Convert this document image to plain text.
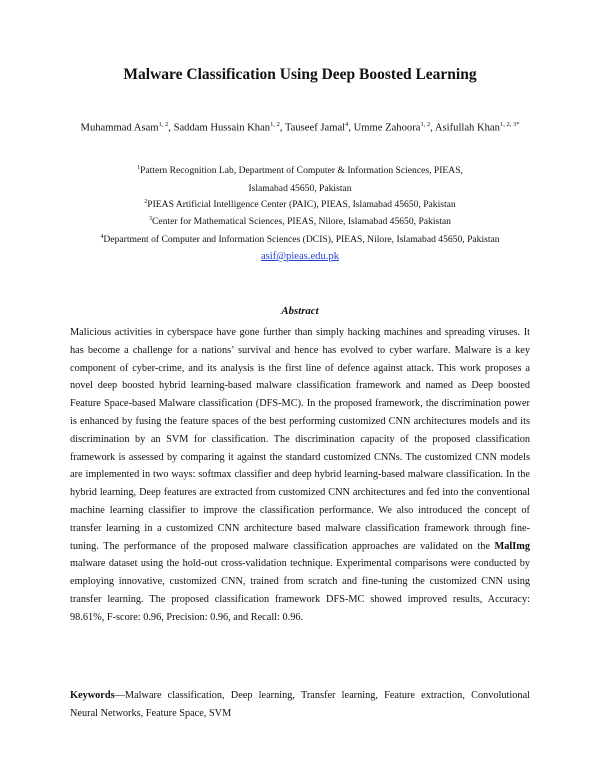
Malware Classification Using Deep Boosted Learning
Muhammad Asam$^{1, 2}$, Saddam Hussain Khan$^{1, 2}$, Tauseef Jamal$^4$, Umme Zahoora$^{1, 2}$, Asifullah Khan$^{1, 2, 3*}$
$^1$Pattern Recognition Lab, Department of Computer & Information Sciences, PIEAS,
Islamabad 45650, Pakistan
$^2$PIEAS Artificial Intelligence Center (PAIC), PIEAS, Islamabad 45650, Pakistan
$^3$Center for Mathematical Sciences, PIEAS, Nilore, Islamabad 45650, Pakistan
$^4$Department of Computer and Information Sciences (DCIS), PIEAS, Nilore, Islamabad 45650, Pakistan
asif@pieas.edu.pk
Abstract
Malicious activities in cyberspace have gone further than simply hacking machines and spreading viruses. It has become a challenge for a nations’ survival and hence has evolved to cyber warfare. Malware is a key component of cyber-crime, and its analysis is the first line of defence against attack. This work proposes a novel deep boosted hybrid learning-based malware classification framework and named as Deep boosted Feature Space-based Malware classification (DFS-MC). In the proposed framework, the discrimination power is enhanced by fusing the feature spaces of the best performing customized CNN architectures models and its discrimination by an SVM for classification. The discrimination capacity of the proposed classification framework is assessed by comparing it against the standard customized CNNs. The customized CNN models are implemented in two ways: softmax classifier and deep hybrid learning-based malware classification. In the hybrid learning, Deep features are extracted from customized CNN architectures and fed into the conventional machine learning classifier to improve the classification performance. We also introduced the concept of transfer learning in a customized CNN architecture based malware classification framework through fine-tuning. The performance of the proposed malware classification approaches are validated on the MalImg malware dataset using the hold-out cross-validation technique. Experimental comparisons were conducted by employing innovative, customized CNN, trained from scratch and fine-tuning the customized CNN using transfer learning. The proposed classification framework DFS-MC showed improved results, Accuracy: 98.61%, F-score: 0.96, Precision: 0.96, and Recall: 0.96.
Keywords—Malware classification, Deep learning, Transfer learning, Feature extraction, Convolutional Neural Networks, Feature Space, SVM
